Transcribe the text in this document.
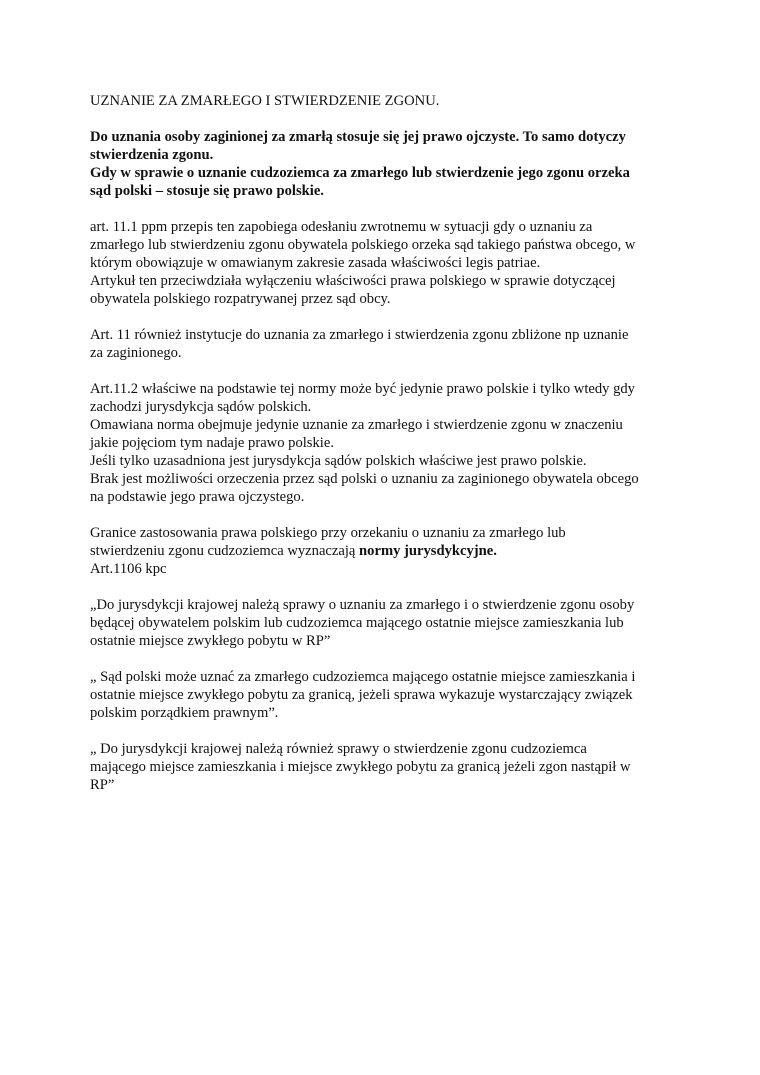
UZNANIE ZA ZMARŁEGO I STWIERDZENIE ZGONU.
Do uznania osoby zaginionej za zmarłą stosuje się jej prawo ojczyste. To samo dotyczy
stwierdzenia zgonu.
Gdy w sprawie o uznanie cudzoziemca za zmarłego lub stwierdzenie jego zgonu orzeka
sąd polski – stosuje się prawo polskie.
art. 11.1 ppm przepis ten zapobiega odesłaniu zwrotnemu w sytuacji gdy o uznaniu za
zmarłego lub stwierdzeniu zgonu obywatela polskiego orzeka sąd takiego państwa obcego, w
którym obowiązuje w omawianym zakresie zasada właściwości legis patriae.
Artykuł ten przeciwdziała wyłączeniu właściwości prawa polskiego w sprawie dotyczącej
obywatela polskiego rozpatrywanej przez sąd obcy.
Art. 11 również instytucje do uznania za zmarłego i stwierdzenia zgonu zbliżone np uznanie
za zaginionego.
Art.11.2 właściwe na podstawie tej normy może być jedynie prawo polskie i tylko wtedy gdy
zachodzi jurysdykcja sądów polskich.
Omawiana norma obejmuje jedynie uznanie za zmarłego i stwierdzenie zgonu w znaczeniu
jakie pojęciom tym nadaje prawo polskie.
Jeśli tylko uzasadniona jest jurysdykcja sądów polskich właściwe jest prawo polskie.
Brak jest możliwości orzeczenia przez sąd polski o uznaniu za zaginionego obywatela obcego
na podstawie jego prawa ojczystego.
Granice zastosowania prawa polskiego przy orzekaniu o uznaniu za zmarłego lub
stwierdzeniu zgonu cudzoziemca wyznaczają normy jurysdykcyjne.
Art.1106 kpc
„Do jurysdykcji krajowej należą sprawy o uznaniu za zmarłego i o stwierdzenie zgonu osoby
będącej obywatelem polskim lub cudzoziemca mającego ostatnie miejsce zamieszkania lub
ostatnie miejsce zwykłego pobytu w RP”
„ Sąd polski może uznać za zmarłego cudzoziemca mającego ostatnie miejsce zamieszkania i
ostatnie miejsce zwykłego pobytu za granicą, jeżeli sprawa wykazuje wystarczający związek
polskim porządkiem prawnym”.
„ Do jurysdykcji krajowej należą również sprawy o stwierdzenie zgonu cudzoziemca
mającego miejsce zamieszkania i miejsce zwykłego pobytu za granicą jeżeli zgon nastąpił w
RP”
